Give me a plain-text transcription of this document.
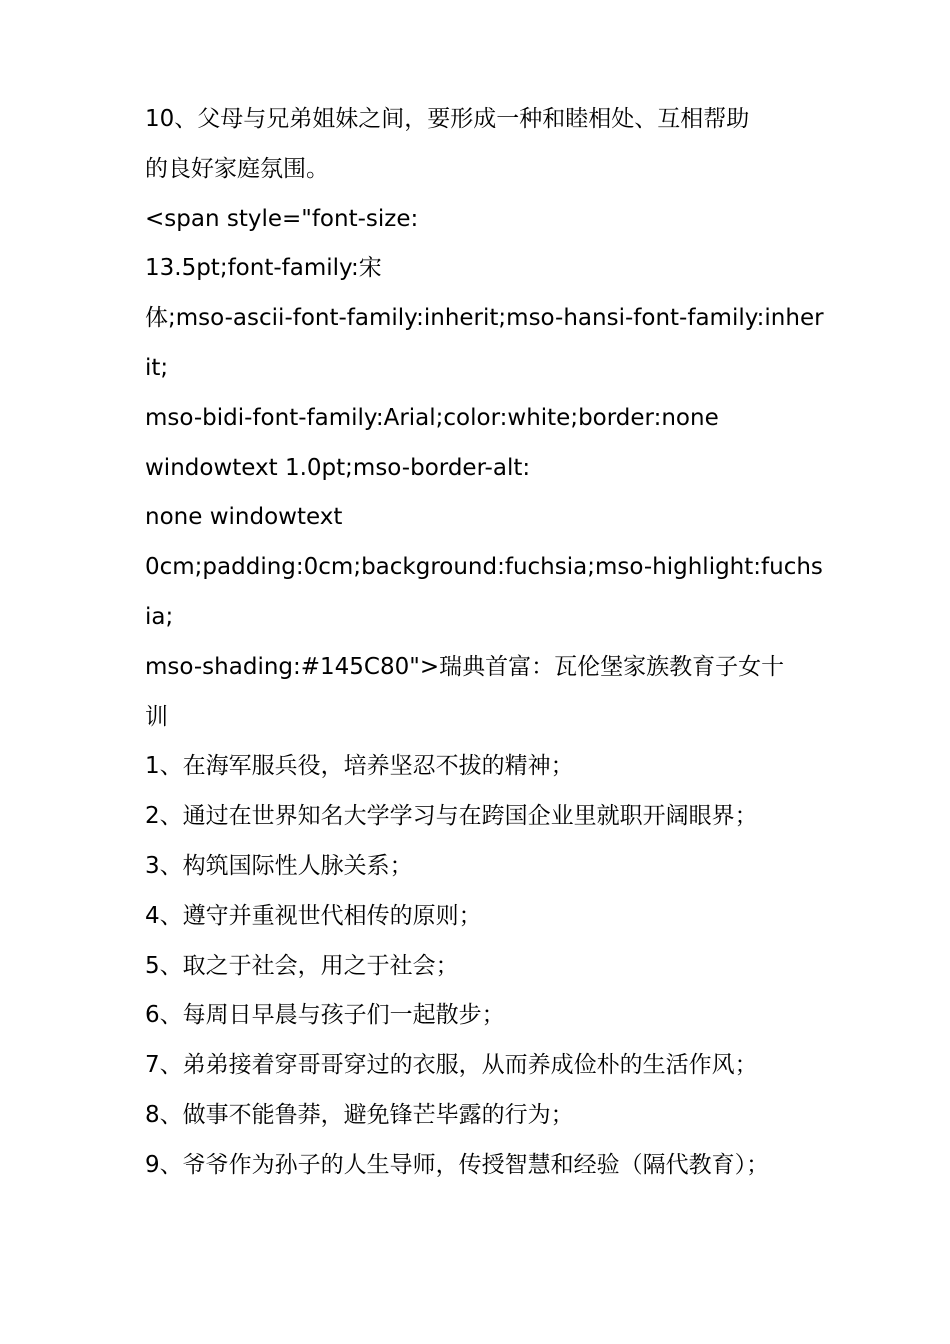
10、父母与兄弟姐妹之间，要形成一种和睦相处、互相帮助
的良好家庭氛围。
<span style="font-size:
13.5pt;font-family:宋
体;mso-ascii-font-family:inherit;mso-hansi-font-family:inher
it;
mso-bidi-font-family:Arial;color:white;border:none
windowtext 1.0pt;mso-border-alt:
none windowtext
0cm;padding:0cm;background:fuchsia;mso-highlight:fuchs
ia;
mso-shading:#145C80">瑞典首富：瓦伦堡家族教育子女十
训
1、在海军服兵役，培养坚忍不拔的精神；
2、通过在世界知名大学学习与在跨国企业里就职开阔眼界；
3、构筑国际性人脉关系；
4、遵守并重视世代相传的原则；
5、取之于社会，用之于社会；
6、每周日早晨与孩子们一起散步；
7、弟弟接着穿哥哥穿过的衣服，从而养成俭朴的生活作风；
8、做事不能鲁莽，避免锋芒毕露的行为；
9、爷爷作为孙子的人生导师，传授智慧和经验（隔代教育）；
